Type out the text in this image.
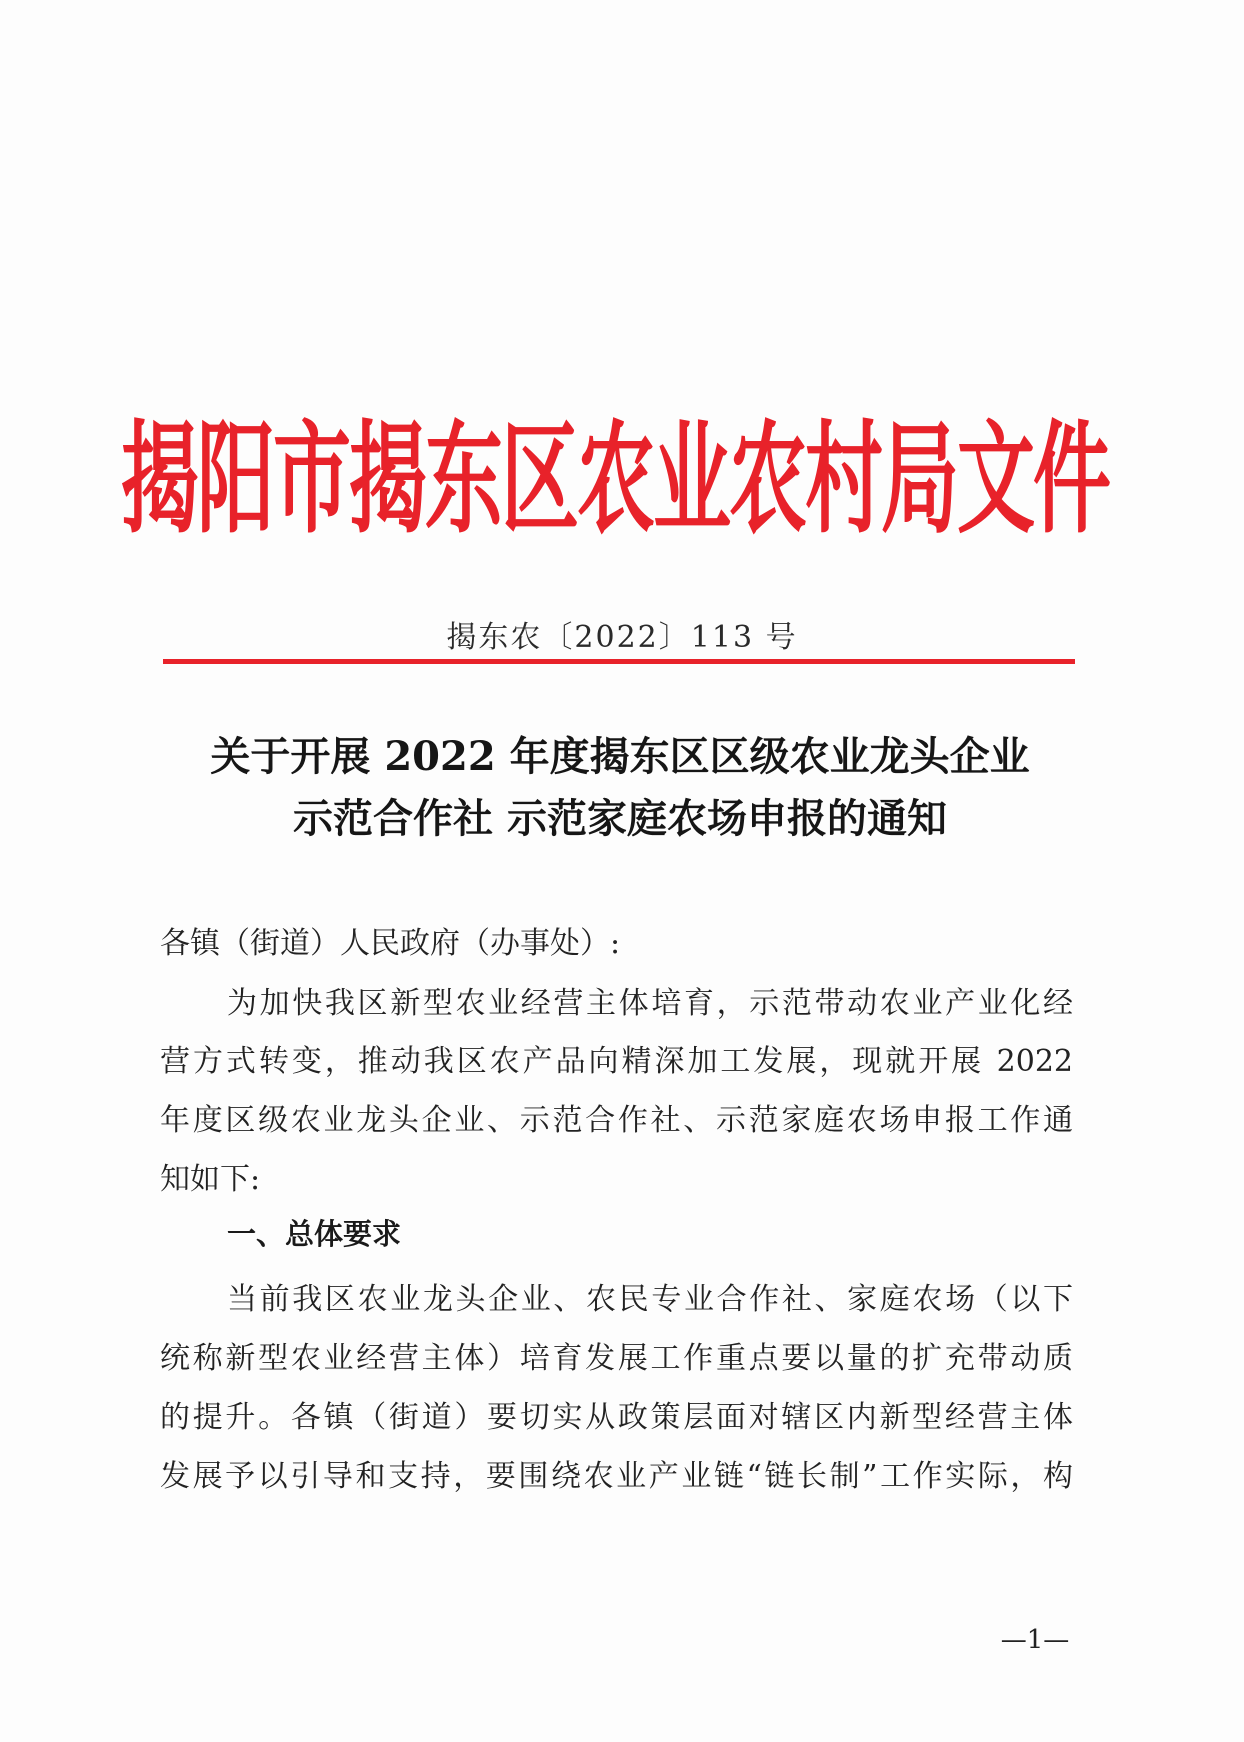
揭阳市揭东区农业农村局文件
揭东农〔2022〕113 号
关于开展 2022 年度揭东区区级农业龙头企业
示范合作社 示范家庭农场申报的通知
各镇（街道）人民政府（办事处）:
为加快我区新型农业经营主体培育，示范带动农业产业化经
营方式转变，推动我区农产品向精深加工发展，现就开展 2022
年度区级农业龙头企业、示范合作社、示范家庭农场申报工作通
知如下:
一、总体要求
当前我区农业龙头企业、农民专业合作社、家庭农场（以下
统称新型农业经营主体）培育发展工作重点要以量的扩充带动质
的提升。各镇（街道）要切实从政策层面对辖区内新型经营主体
发展予以引导和支持，要围绕农业产业链“链长制”工作实际，构
—1—
